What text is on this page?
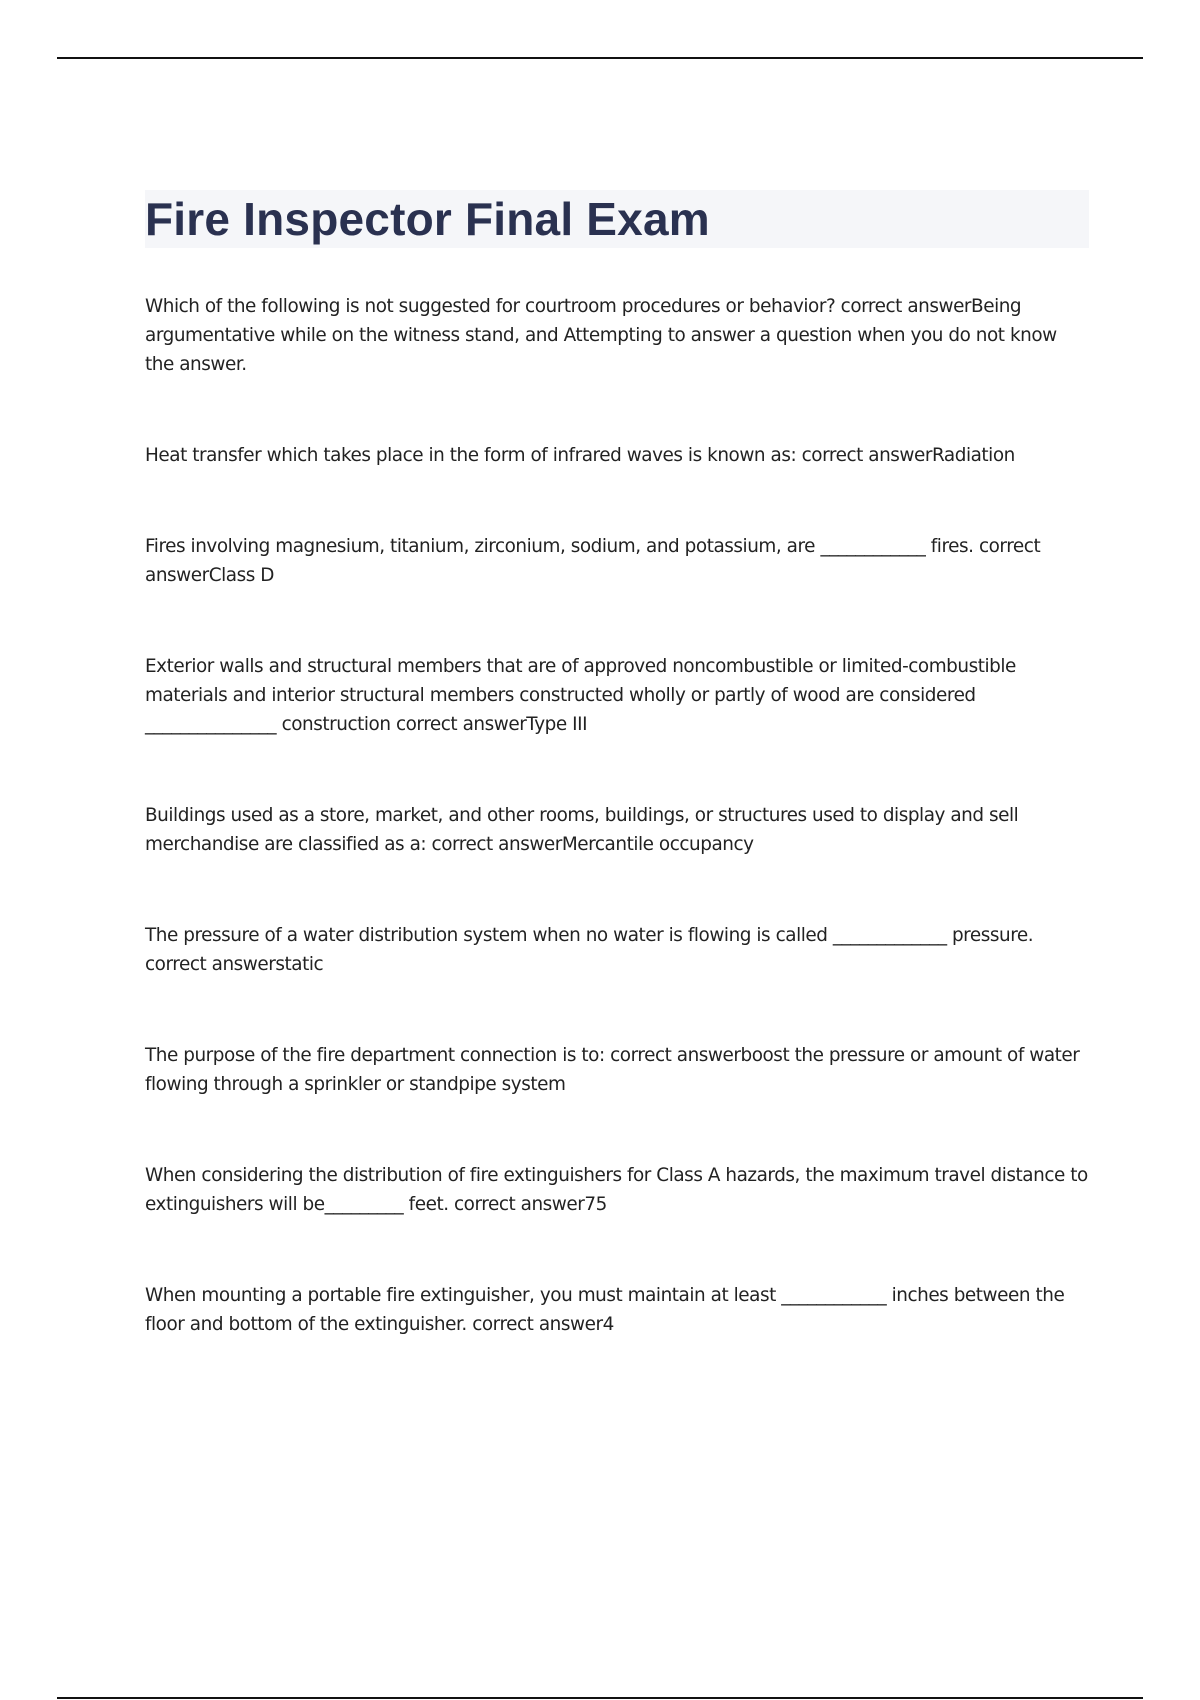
Fire Inspector Final Exam

Which of the following is not suggested for courtroom procedures or behavior? correct answerBeing argumentative while on the witness stand, and Attempting to answer a question when you do not know the answer.

Heat transfer which takes place in the form of infrared waves is known as: correct answerRadiation

Fires involving magnesium, titanium, zirconium, sodium, and potassium, are ____________ fires. correct answerClass D

Exterior walls and structural members that are of approved noncombustible or limited-combustible materials and interior structural members constructed wholly or partly of wood are considered _______________ construction correct answerType III

Buildings used as a store, market, and other rooms, buildings, or structures used to display and sell merchandise are classified as a: correct answerMercantile occupancy

The pressure of a water distribution system when no water is flowing is called _____________ pressure. correct answerstatic

The purpose of the fire department connection is to: correct answerboost the pressure or amount of water flowing through a sprinkler or standpipe system

When considering the distribution of fire extinguishers for Class A hazards, the maximum travel distance to extinguishers will be_________ feet. correct answer75

When mounting a portable fire extinguisher, you must maintain at least ____________ inches between the floor and bottom of the extinguisher. correct answer4
